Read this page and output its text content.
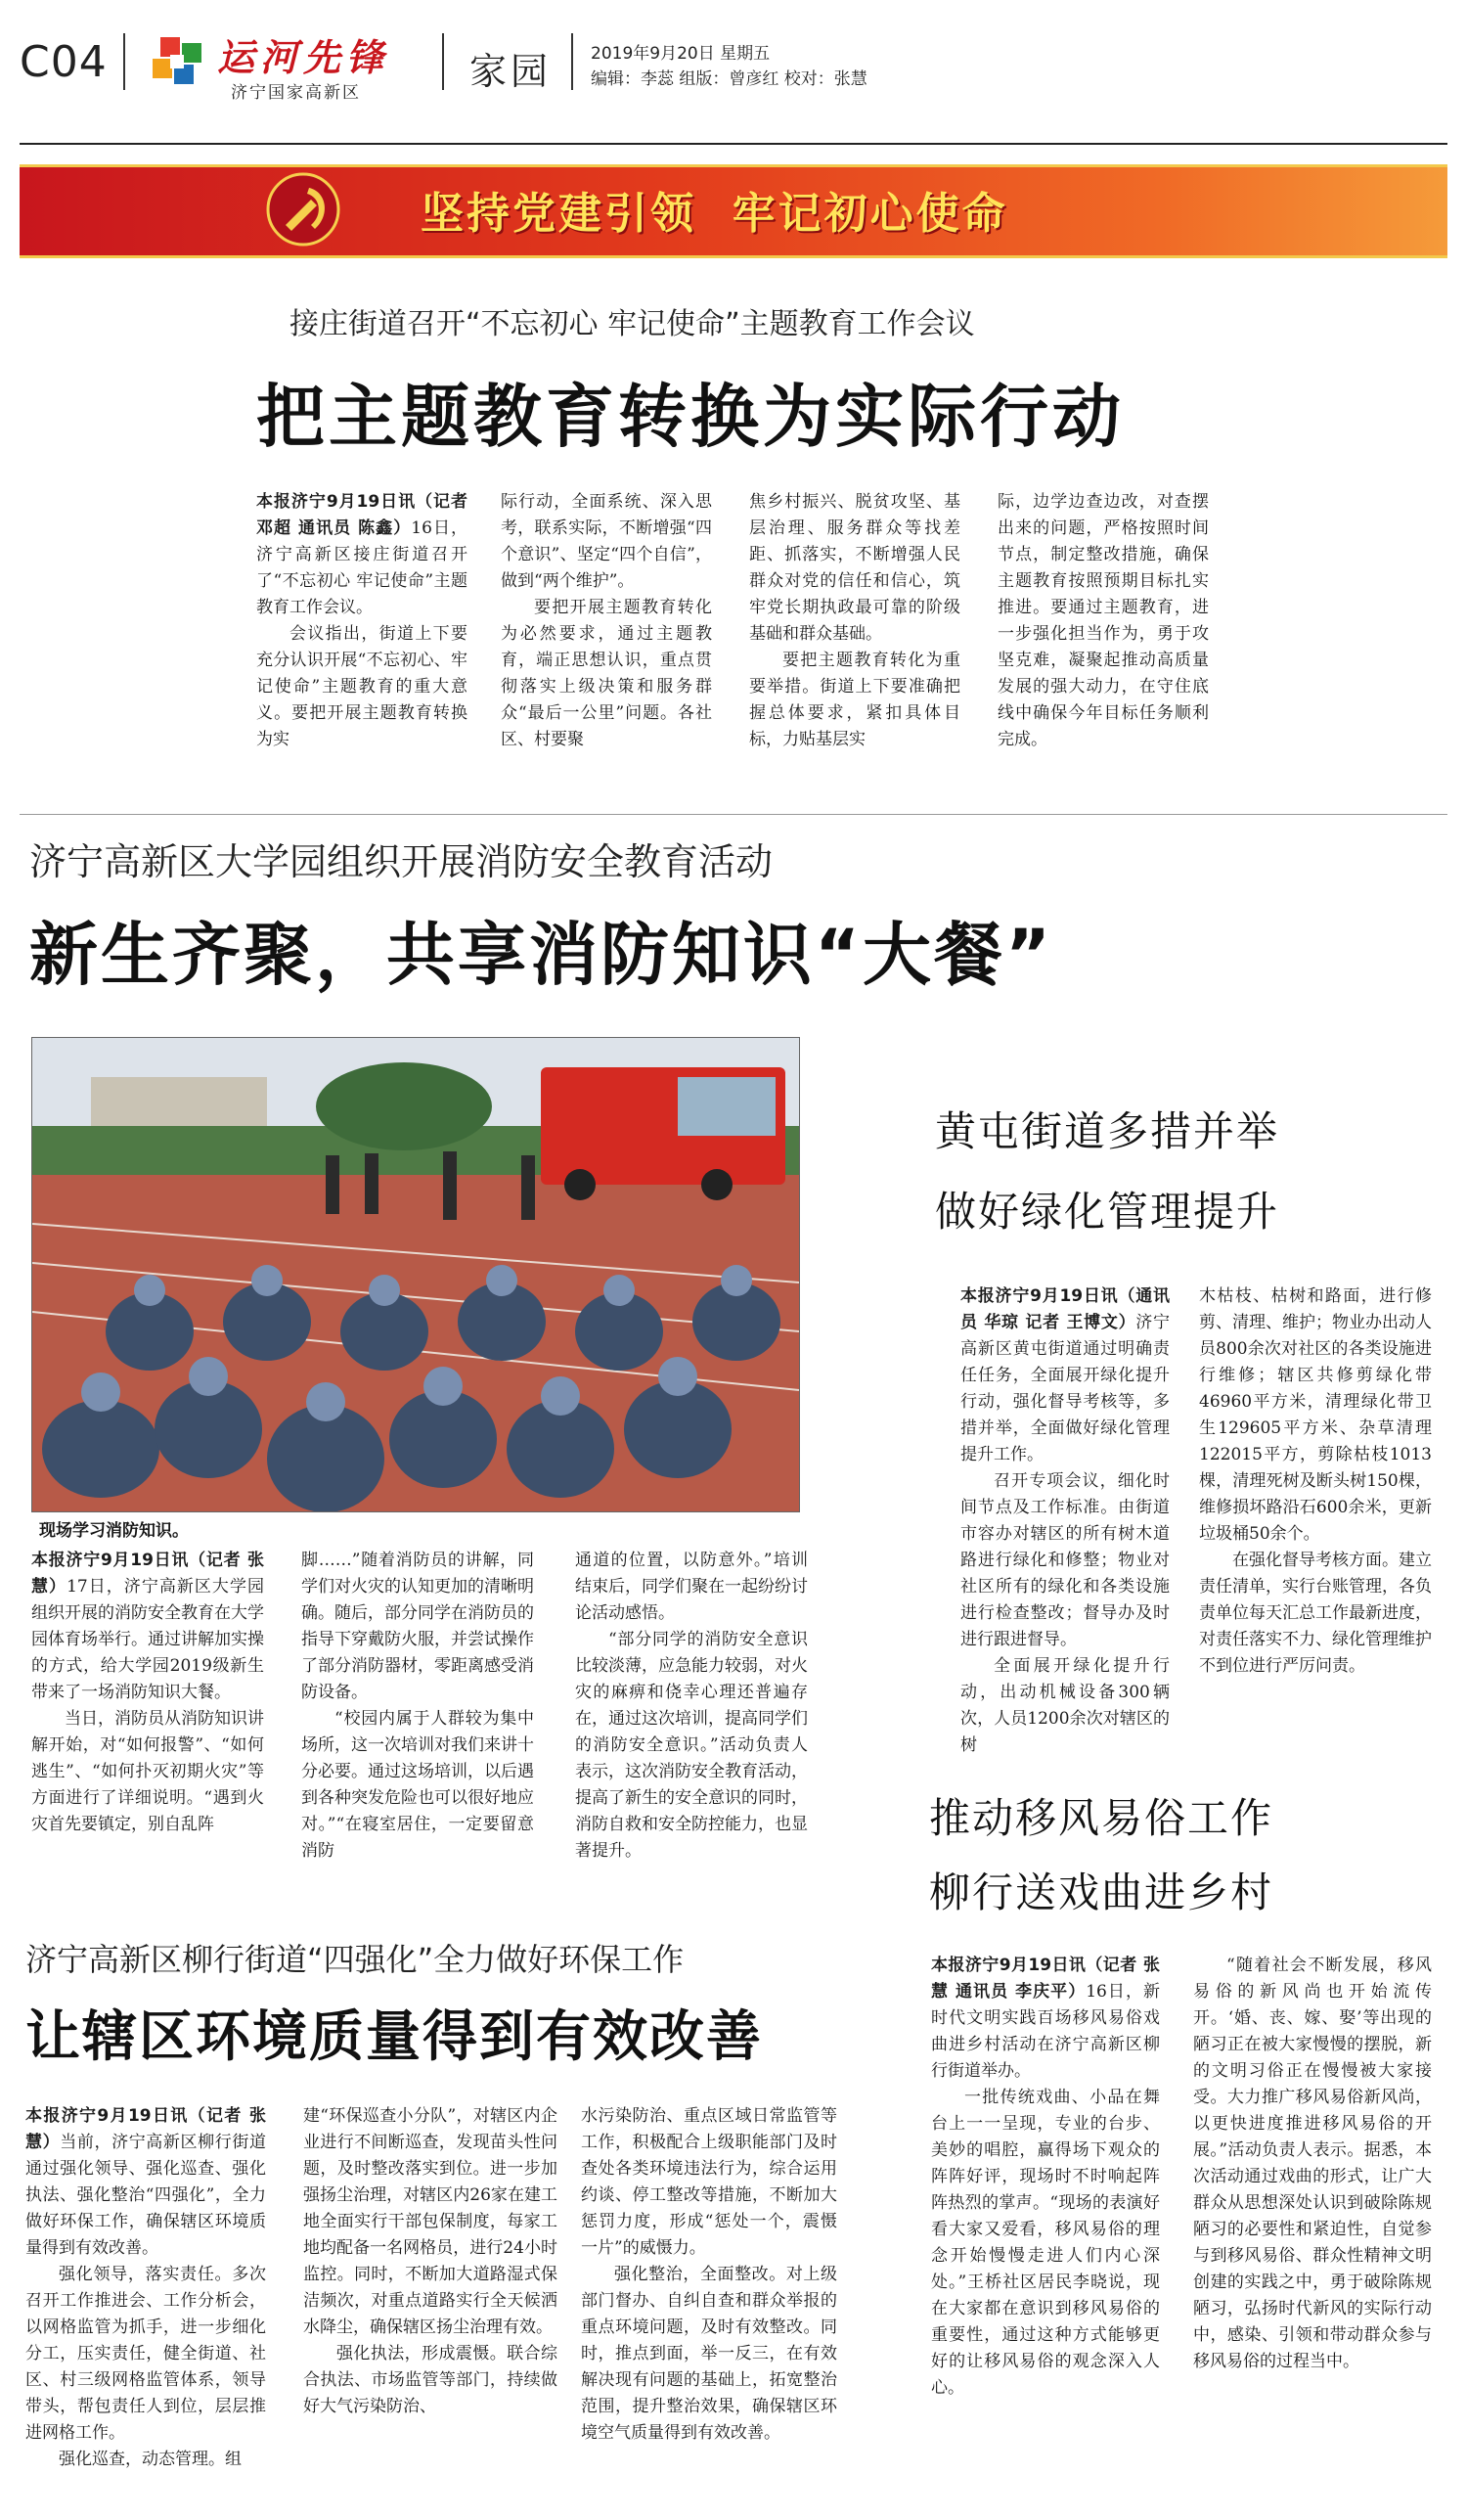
C04	运河先锋
济宁国家高新区	家园 2019年9月20日 星期五
编辑：李蕊 组版：曾彦红 校对：张慧
坚持党建引领  牢记初心使命
接庄街道召开“不忘初心 牢记使命”主题教育工作会议
把主题教育转换为实际行动

本报济宁9月19日讯（记者 邓超 通讯员 陈鑫）16日，济宁高新区接庄街道召开了“不忘初心 牢记使命”主题教育工作会议。

会议指出，街道上下要充分认识开展“不忘初心、牢记使命”主题教育的重大意义。要把开展主题教育转换为实

际行动，全面系统、深入思考，联系实际，不断增强“四个意识”、坚定“四个自信”，做到“两个维护”。

要把开展主题教育转化为必然要求，通过主题教育，端正思想认识，重点贯彻落实上级决策和服务群众“最后一公里”问题。各社区、村要聚

焦乡村振兴、脱贫攻坚、基层治理、服务群众等找差距、抓落实，不断增强人民群众对党的信任和信心，筑牢党长期执政最可靠的阶级基础和群众基础。

要把主题教育转化为重要举措。街道上下要准确把握总体要求，紧扣具体目标，力贴基层实

际，边学边查边改，对查摆出来的问题，严格按照时间节点，制定整改措施，确保主题教育按照预期目标扎实推进。要通过主题教育，进一步强化担当作为，勇于攻坚克难，凝聚起推动高质量发展的强大动力，在守住底线中确保今年目标任务顺利完成。

济宁高新区大学园组织开展消防安全教育活动
新生齐聚，共享消防知识“大餐”
现场学习消防知识。

本报济宁9月19日讯（记者 张慧）17日，济宁高新区大学园组织开展的消防安全教育在大学园体育场举行。通过讲解加实操的方式，给大学园2019级新生带来了一场消防知识大餐。

当日，消防员从消防知识讲解开始，对“如何报警”、“如何逃生”、“如何扑灭初期火灾”等方面进行了详细说明。“遇到火灾首先要镇定，别自乱阵

脚……”随着消防员的讲解，同学们对火灾的认知更加的清晰明确。随后，部分同学在消防员的指导下穿戴防火服，并尝试操作了部分消防器材，零距离感受消防设备。

“校园内属于人群较为集中场所，这一次培训对我们来讲十分必要。通过这场培训，以后遇到各种突发危险也可以很好地应对。”“在寝室居住，一定要留意消防

通道的位置，以防意外。”培训结束后，同学们聚在一起纷纷讨论活动感悟。

“部分同学的消防安全意识比较淡薄，应急能力较弱，对火灾的麻痹和侥幸心理还普遍存在，通过这次培训，提高同学们的消防安全意识。”活动负责人表示，这次消防安全教育活动，提高了新生的安全意识的同时，消防自救和安全防控能力，也显著提升。

黄屯街道多措并举
做好绿化管理提升

本报济宁9月19日讯（通讯员 华琼 记者 王博文）济宁高新区黄屯街道通过明确责任任务，全面展开绿化提升行动，强化督导考核等，多措并举，全面做好绿化管理提升工作。

召开专项会议，细化时间节点及工作标准。由街道市容办对辖区的所有树木道路进行绿化和修整；物业对社区所有的绿化和各类设施进行检查整改；督导办及时进行跟进督导。

全面展开绿化提升行动，出动机械设备300辆次，人员1200余次对辖区的树

木枯枝、枯树和路面，进行修剪、清理、维护；物业办出动人员800余次对社区的各类设施进行维修；辖区共修剪绿化带46960平方米，清理绿化带卫生129605平方米、杂草清理122015平方，剪除枯枝1013棵，清理死树及断头树150棵，维修损坏路沿石600余米，更新垃圾桶50余个。

在强化督导考核方面。建立责任清单，实行台账管理，各负责单位每天汇总工作最新进度，对责任落实不力、绿化管理维护不到位进行严厉问责。

推动移风易俗工作
柳行送戏曲进乡村

本报济宁9月19日讯（记者 张慧 通讯员 李庆平）16日，新时代文明实践百场移风易俗戏曲进乡村活动在济宁高新区柳行街道举办。

一批传统戏曲、小品在舞台上一一呈现，专业的台步、美妙的唱腔，赢得场下观众的阵阵好评，现场时不时响起阵阵热烈的掌声。“现场的表演好看大家又爱看，移风易俗的理念开始慢慢走进人们内心深处。”王桥社区居民李晓说，现在大家都在意识到移风易俗的重要性，通过这种方式能够更好的让移风易俗的观念深入人心。

“随着社会不断发展，移风易俗的新风尚也开始流传开。‘婚、丧、嫁、娶’等出现的陋习正在被大家慢慢的摆脱，新的文明习俗正在慢慢被大家接受。大力推广移风易俗新风尚，以更快进度推进移风易俗的开展。”活动负责人表示。据悉，本次活动通过戏曲的形式，让广大群众从思想深处认识到破除陈规陋习的必要性和紧迫性，自觉参与到移风易俗、群众性精神文明创建的实践之中，勇于破除陈规陋习，弘扬时代新风的实际行动中，感染、引领和带动群众参与移风易俗的过程当中。

济宁高新区柳行街道“四强化”全力做好环保工作
让辖区环境质量得到有效改善

本报济宁9月19日讯（记者 张慧）当前，济宁高新区柳行街道通过强化领导、强化巡查、强化执法、强化整治“四强化”，全力做好环保工作，确保辖区环境质量得到有效改善。

强化领导，落实责任。多次召开工作推进会、工作分析会，以网格监管为抓手，进一步细化分工，压实责任，健全街道、社区、村三级网格监管体系，领导带头，帮包责任人到位，层层推进网格工作。

强化巡查，动态管理。组

建“环保巡查小分队”，对辖区内企业进行不间断巡查，发现苗头性问题，及时整改落实到位。进一步加强扬尘治理，对辖区内26家在建工地全面实行干部包保制度，每家工地均配备一名网格员，进行24小时监控。同时，不断加大道路湿式保洁频次，对重点道路实行全天候洒水降尘，确保辖区扬尘治理有效。

强化执法，形成震慑。联合综合执法、市场监管等部门，持续做好大气污染防治、

水污染防治、重点区域日常监管等工作，积极配合上级职能部门及时查处各类环境违法行为，综合运用约谈、停工整改等措施，不断加大惩罚力度，形成“惩处一个，震慑一片”的威慑力。

强化整治，全面整改。对上级部门督办、自纠自查和群众举报的重点环境问题，及时有效整改。同时，推点到面，举一反三，在有效解决现有问题的基础上，拓宽整治范围，提升整治效果，确保辖区环境空气质量得到有效改善。
